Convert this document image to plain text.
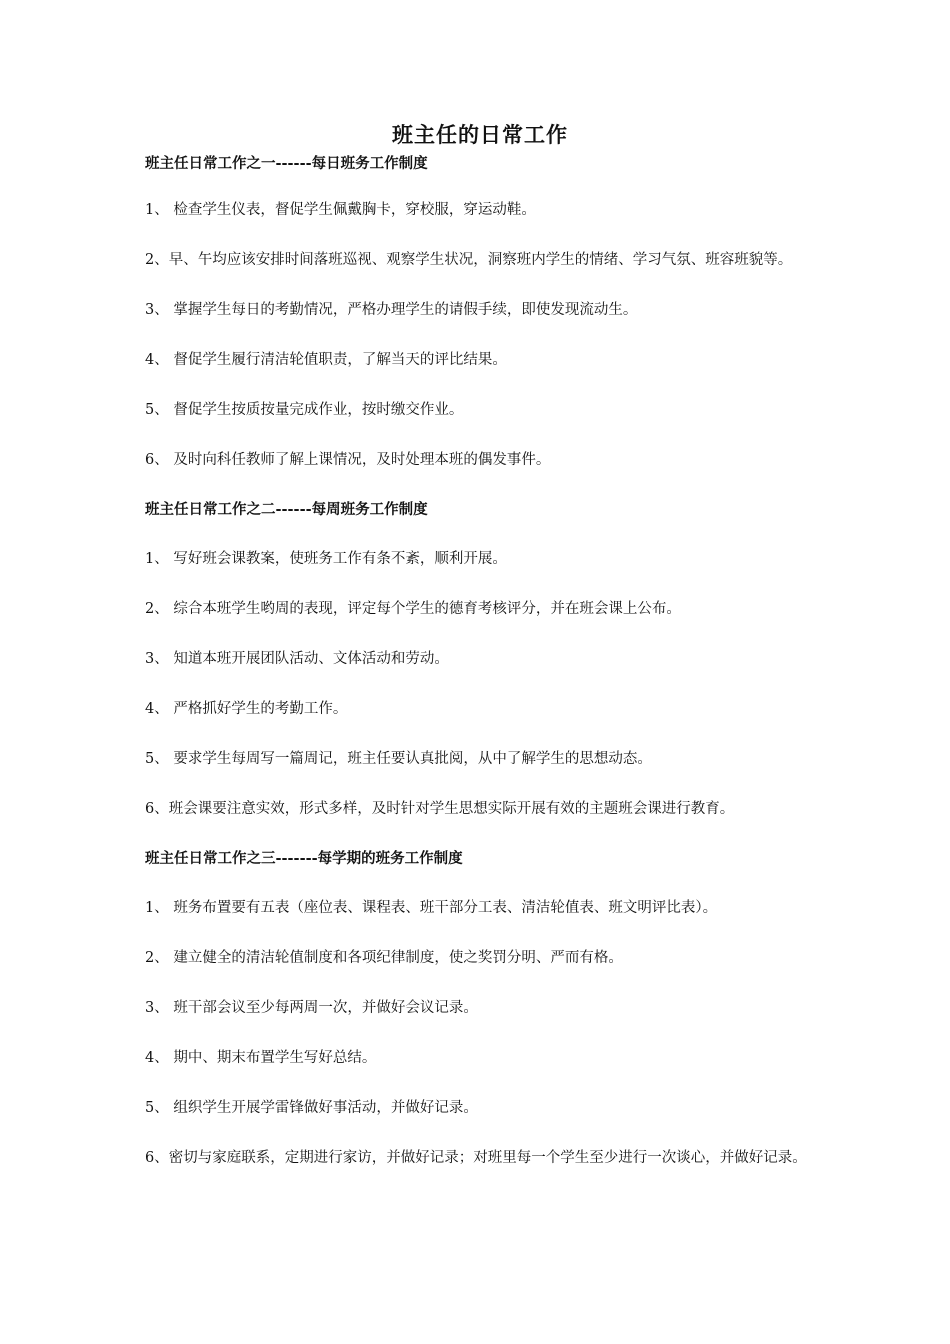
班主任的日常工作

班主任日常工作之一------每日班务工作制度

1、 检查学生仪表，督促学生佩戴胸卡，穿校服，穿运动鞋。

2、早、午均应该安排时间落班巡视、观察学生状况，洞察班内学生的情绪、学习气氛、班容班貌等。

3、 掌握学生每日的考勤情况，严格办理学生的请假手续，即使发现流动生。

4、 督促学生履行清洁轮值职责，了解当天的评比结果。

5、 督促学生按质按量完成作业，按时缴交作业。

6、 及时向科任教师了解上课情况，及时处理本班的偶发事件。

班主任日常工作之二------每周班务工作制度

1、 写好班会课教案，使班务工作有条不紊，顺利开展。

2、 综合本班学生哟周的表现，评定每个学生的德育考核评分，并在班会课上公布。

3、 知道本班开展团队活动、文体活动和劳动。

4、 严格抓好学生的考勤工作。

5、 要求学生每周写一篇周记，班主任要认真批阅，从中了解学生的思想动态。

6、班会课要注意实效，形式多样，及时针对学生思想实际开展有效的主题班会课进行教育。

班主任日常工作之三-------每学期的班务工作制度

1、 班务布置要有五表（座位表、课程表、班干部分工表、清洁轮值表、班文明评比表）。

2、 建立健全的清洁轮值制度和各项纪律制度，使之奖罚分明、严而有格。

3、 班干部会议至少每两周一次，并做好会议记录。

4、 期中、期末布置学生写好总结。

5、 组织学生开展学雷锋做好事活动，并做好记录。

6、密切与家庭联系，定期进行家访，并做好记录；对班里每一个学生至少进行一次谈心，并做好记录。
